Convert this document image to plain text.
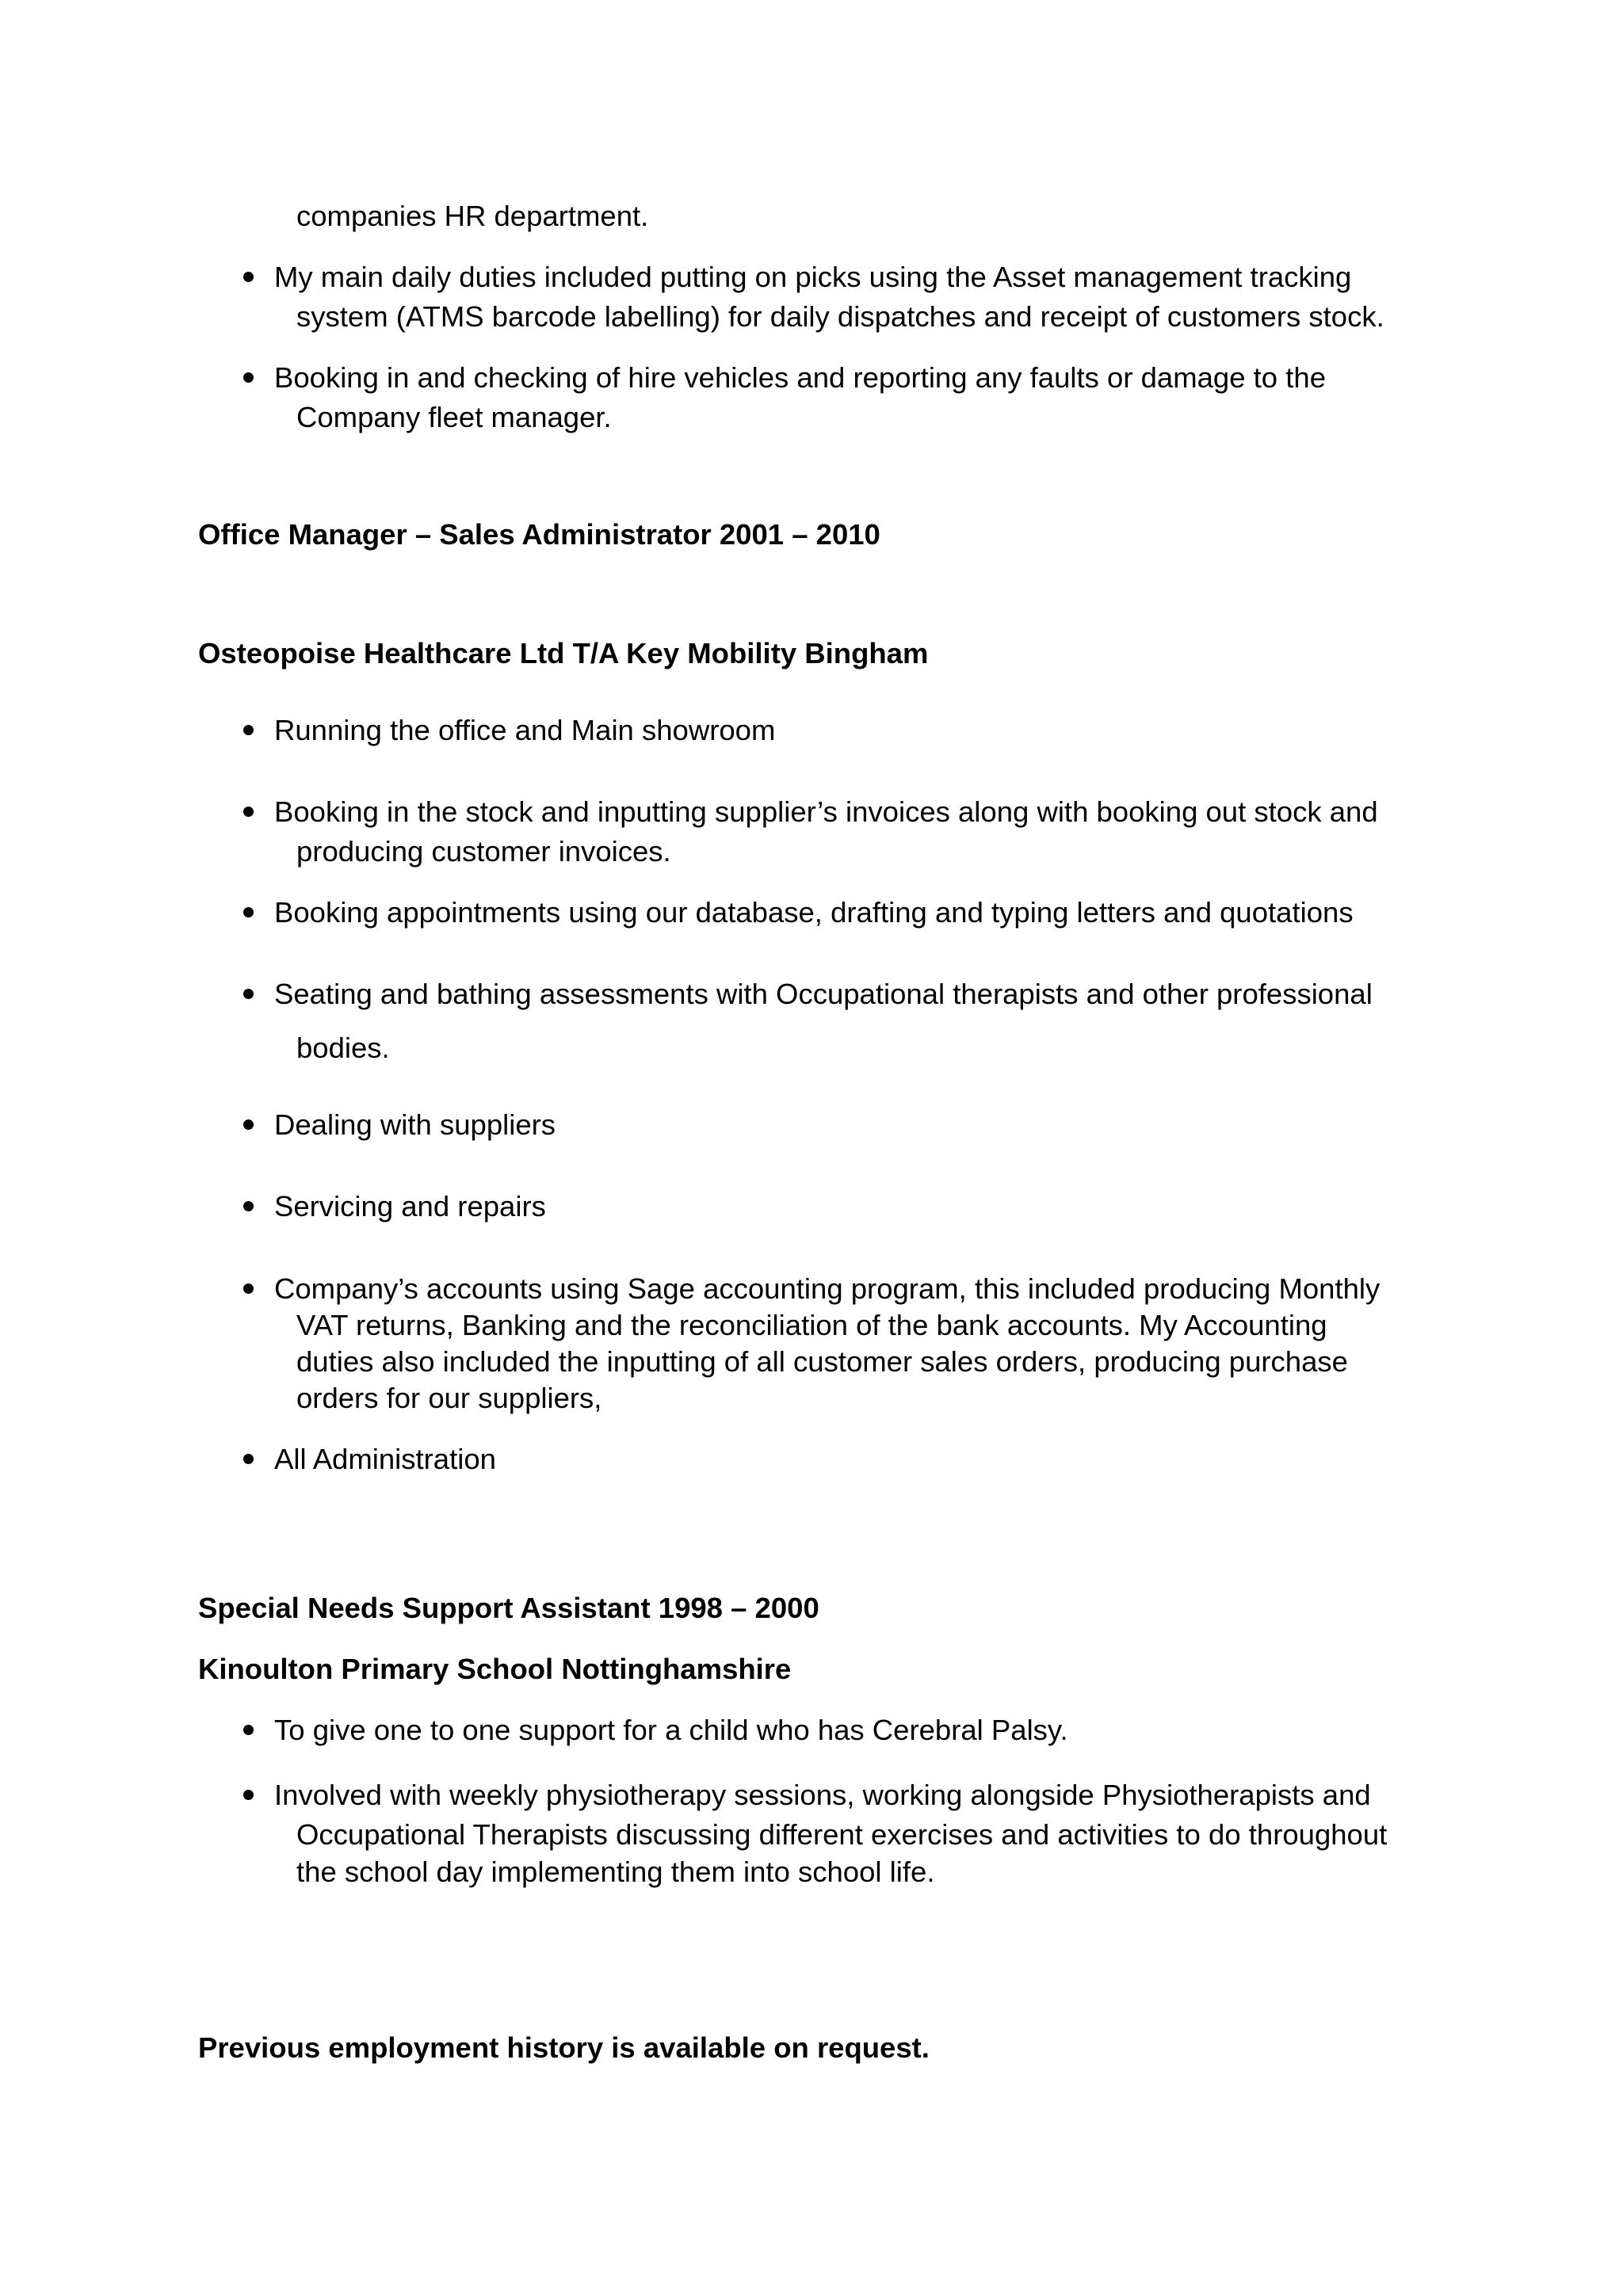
companies HR department.

My main daily duties included putting on picks using the Asset management tracking

system (ATMS barcode labelling) for daily dispatches and receipt of customers stock.

Booking in and checking of hire vehicles and reporting any faults or damage to the

Company fleet manager.

Office Manager – Sales Administrator 2001 – 2010

Osteopoise Healthcare Ltd T/A Key Mobility Bingham

Running the office and Main showroom

Booking in the stock and inputting supplier’s invoices along with booking out stock and

producing customer invoices.

Booking appointments using our database, drafting and typing letters and quotations

Seating and bathing assessments with Occupational therapists and other professional

bodies.

Dealing with suppliers

Servicing and repairs

Company’s accounts using Sage accounting program, this included producing Monthly

VAT returns, Banking and the reconciliation of the bank accounts. My Accounting

duties also included the inputting of all customer sales orders, producing purchase

orders for our suppliers,

All Administration

Special Needs Support Assistant 1998 – 2000

Kinoulton Primary School Nottinghamshire

To give one to one support for a child who has Cerebral Palsy.

Involved with weekly physiotherapy sessions, working alongside Physiotherapists and

Occupational Therapists discussing different exercises and activities to do throughout

the school day implementing them into school life.

Previous employment history is available on request.
